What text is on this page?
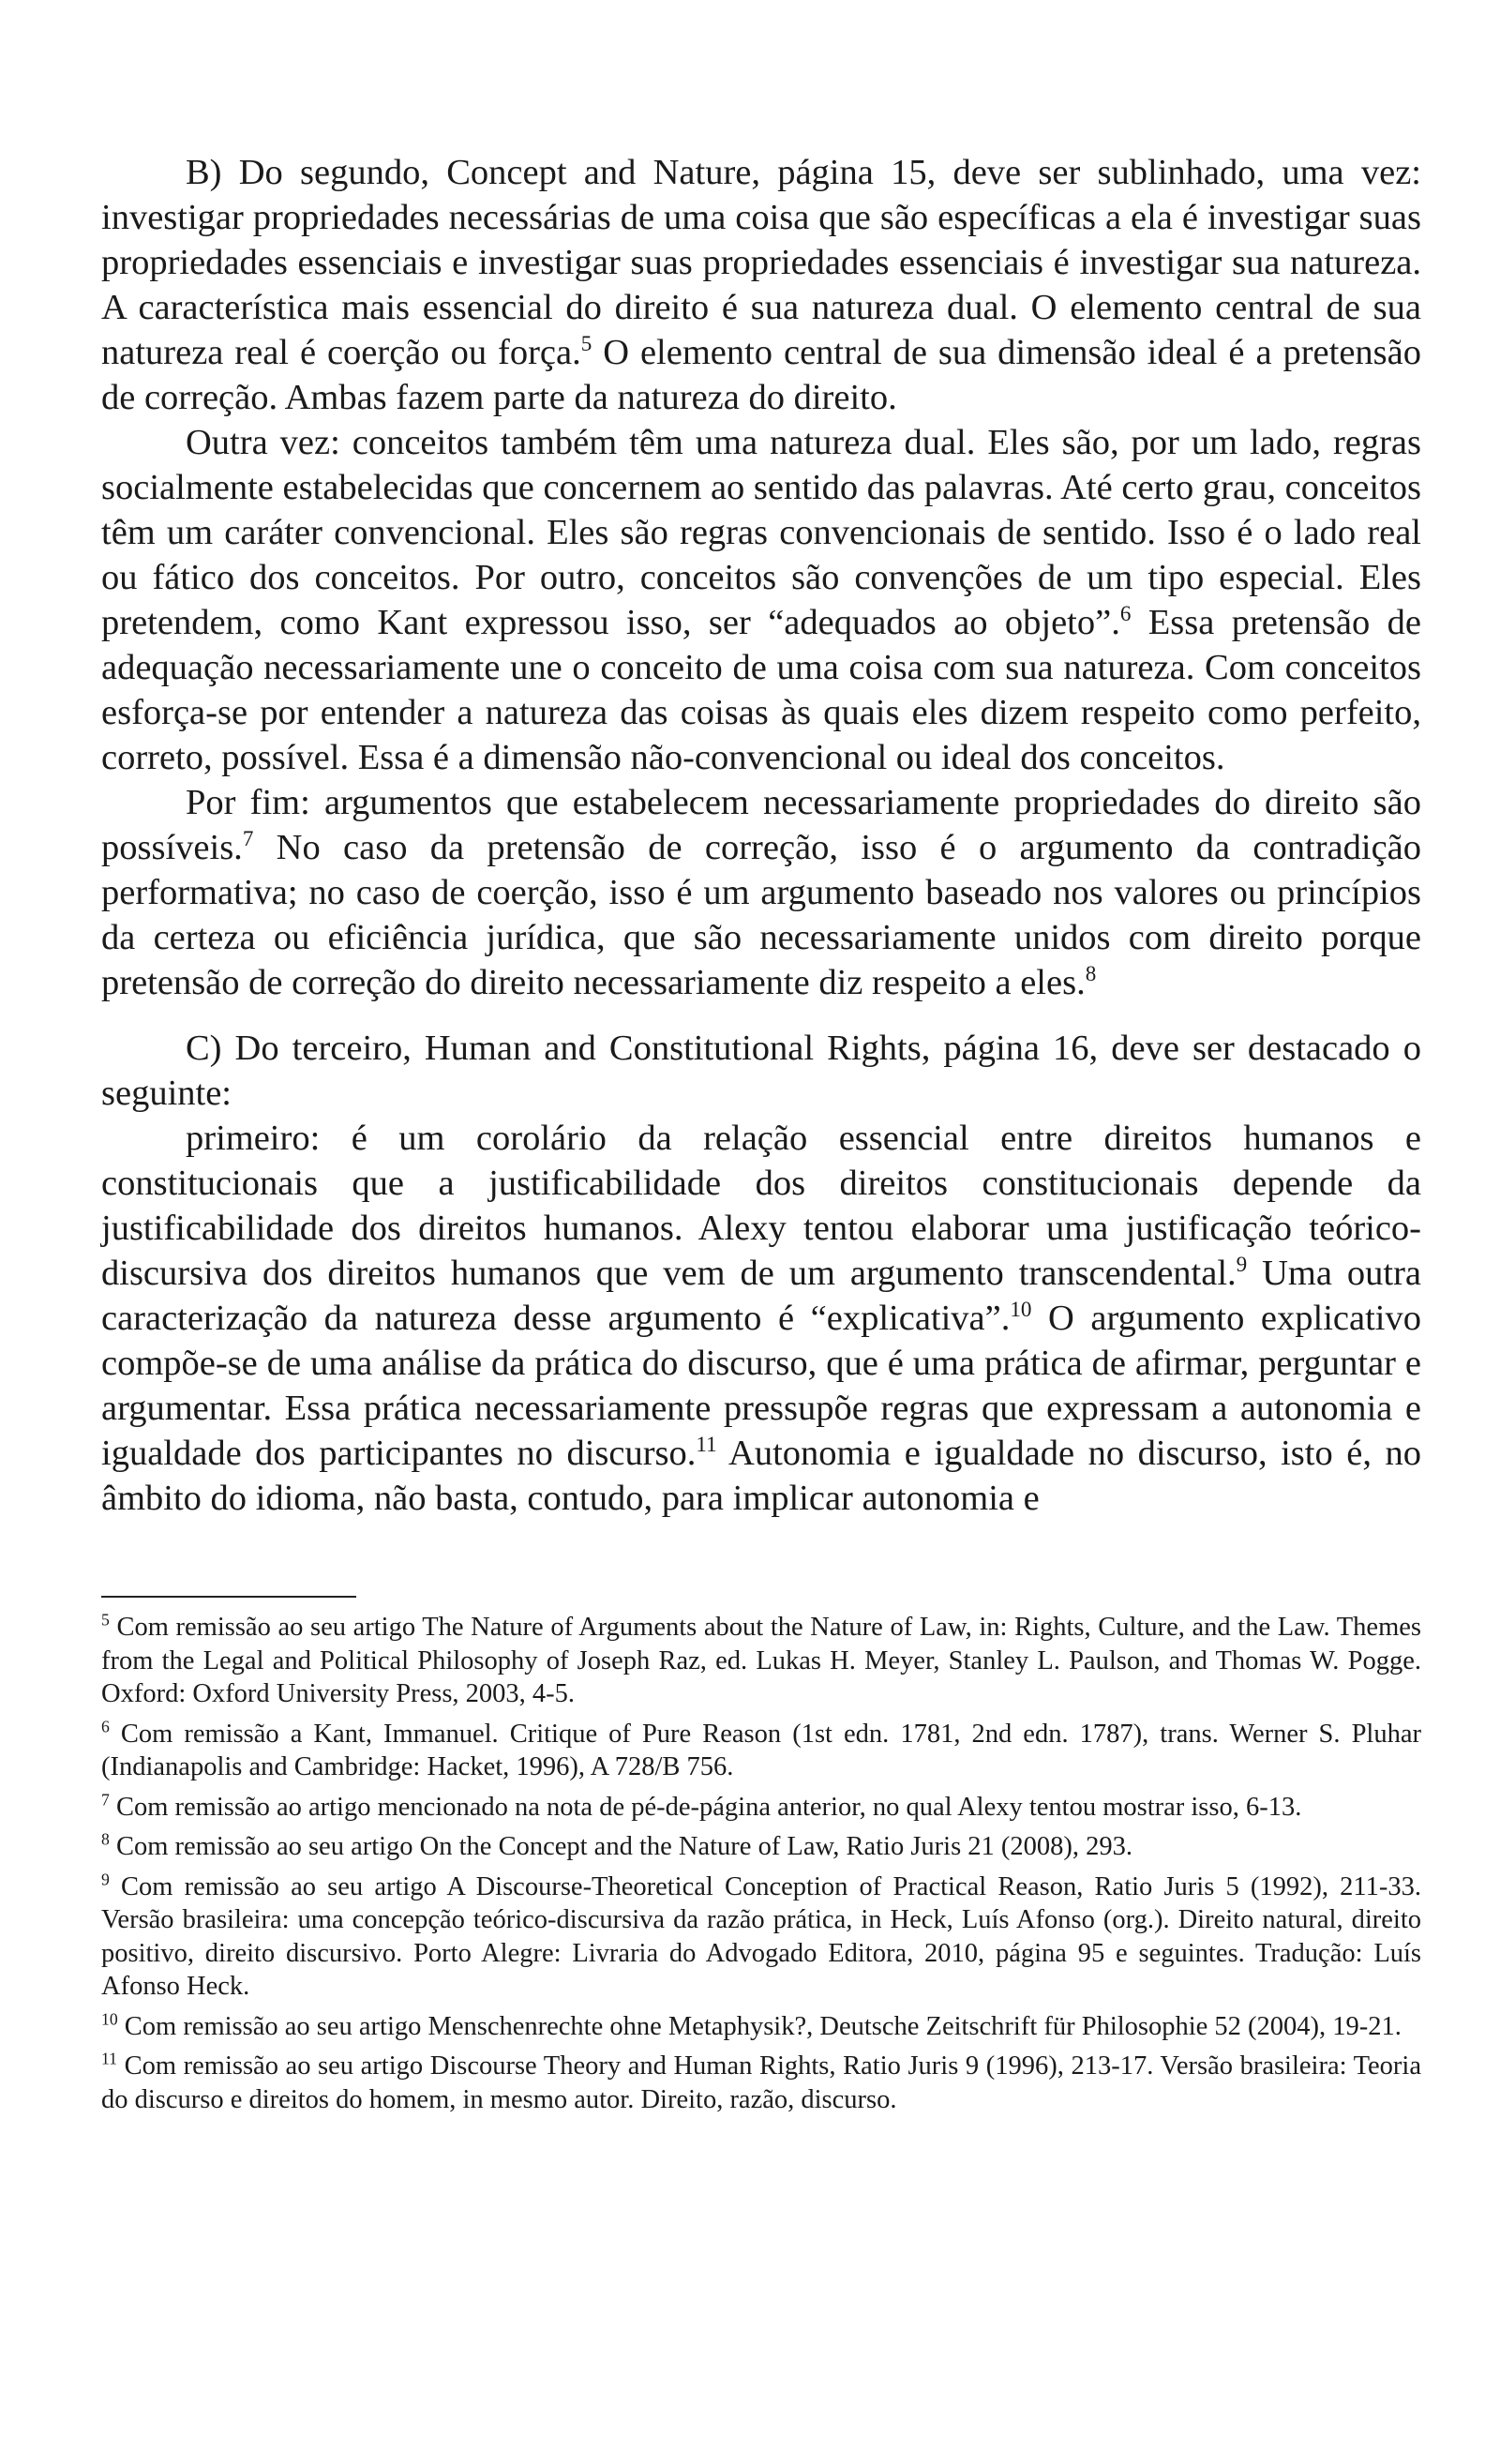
B) Do segundo, Concept and Nature, página 15, deve ser sublinhado, uma vez: investigar propriedades necessárias de uma coisa que são específicas a ela é investigar suas propriedades essenciais e investigar suas propriedades essenciais é investigar sua natureza. A característica mais essencial do direito é sua natureza dual. O elemento central de sua natureza real é coerção ou força.$^5$ O elemento central de sua dimensão ideal é a pretensão de correção. Ambas fazem parte da natureza do direito.

Outra vez: conceitos também têm uma natureza dual. Eles são, por um lado, regras socialmente estabelecidas que concernem ao sentido das palavras. Até certo grau, conceitos têm um caráter convencional. Eles são regras convencionais de sentido. Isso é o lado real ou fático dos conceitos. Por outro, conceitos são convenções de um tipo especial. Eles pretendem, como Kant expressou isso, ser “adequados ao objeto”.$^6$ Essa pretensão de adequação necessariamente une o conceito de uma coisa com sua natureza. Com conceitos esforça-se por entender a natureza das coisas às quais eles dizem respeito como perfeito, correto, possível. Essa é a dimensão não-convencional ou ideal dos conceitos.

Por fim: argumentos que estabelecem necessariamente propriedades do direito são possíveis.$^7$ No caso da pretensão de correção, isso é o argumento da contradição performativa; no caso de coerção, isso é um argumento baseado nos valores ou princípios da certeza ou eficiência jurídica, que são necessariamente unidos com direito porque pretensão de correção do direito necessariamente diz respeito a eles.$^8$

C) Do terceiro, Human and Constitutional Rights, página 16, deve ser destacado o seguinte:

primeiro: é um corolário da relação essencial entre direitos humanos e constitucionais que a justificabilidade dos direitos constitucionais depende da justificabilidade dos direitos humanos. Alexy tentou elaborar uma justificação teórico-discursiva dos direitos humanos que vem de um argumento transcendental.$^9$ Uma outra caracterização da natureza desse argumento é “explicativa”.$^{10}$ O argumento explicativo compõe-se de uma análise da prática do discurso, que é uma prática de afirmar, perguntar e argumentar. Essa prática necessariamente pressupõe regras que expressam a autonomia e igualdade dos participantes no discurso.$^{11}$ Autonomia e igualdade no discurso, isto é, no âmbito do idioma, não basta, contudo, para implicar autonomia e

$^5$ Com remissão ao seu artigo The Nature of Arguments about the Nature of Law, in: Rights, Culture, and the Law. Themes from the Legal and Political Philosophy of Joseph Raz, ed. Lukas H. Meyer, Stanley L. Paulson, and Thomas W. Pogge. Oxford: Oxford University Press, 2003, 4-5.

$^6$ Com remissão a Kant, Immanuel. Critique of Pure Reason (1st edn. 1781, 2nd edn. 1787), trans. Werner S. Pluhar (Indianapolis and Cambridge: Hacket, 1996), A 728/B 756.

$^7$ Com remissão ao artigo mencionado na nota de pé-de-página anterior, no qual Alexy tentou mostrar isso, 6-13.

$^8$ Com remissão ao seu artigo On the Concept and the Nature of Law, Ratio Juris 21 (2008), 293.

$^9$ Com remissão ao seu artigo A Discourse-Theoretical Conception of Practical Reason, Ratio Juris 5 (1992), 211-33. Versão brasileira: uma concepção teórico-discursiva da razão prática, in Heck, Luís Afonso (org.). Direito natural, direito positivo, direito discursivo. Porto Alegre: Livraria do Advogado Editora, 2010, página 95 e seguintes. Tradução: Luís Afonso Heck.

$^{10}$ Com remissão ao seu artigo Menschenrechte ohne Metaphysik?, Deutsche Zeitschrift für Philosophie 52 (2004), 19-21.

$^{11}$ Com remissão ao seu artigo Discourse Theory and Human Rights, Ratio Juris 9 (1996), 213-17. Versão brasileira: Teoria do discurso e direitos do homem, in mesmo autor. Direito, razão, discurso.
